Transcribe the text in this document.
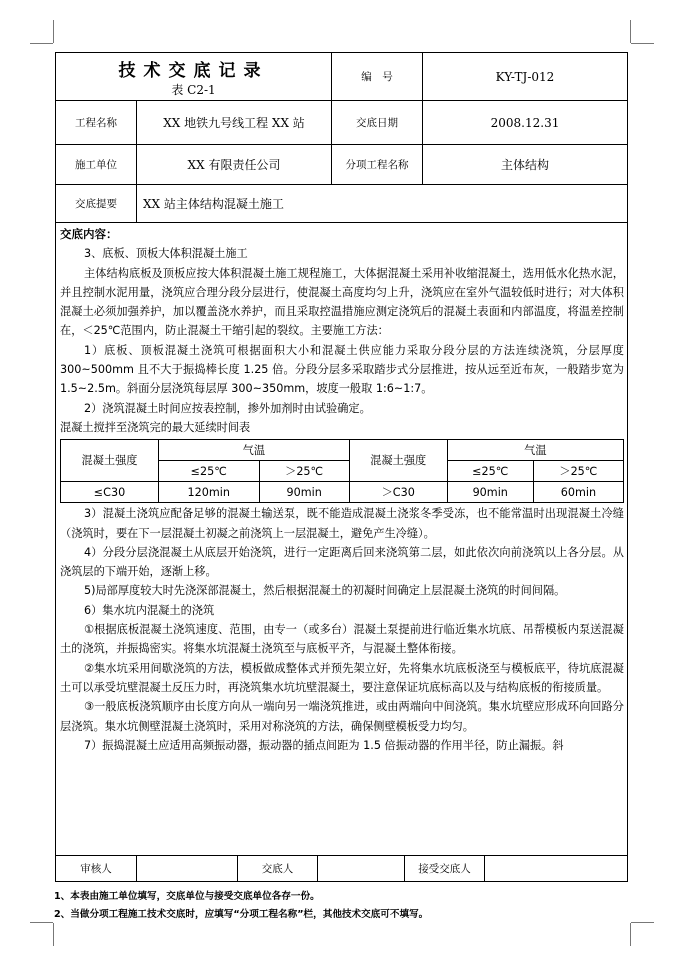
技术交底记录
表 C2-1
编　号	KY-TJ-012
工程名称	XX 地铁九号线工程 XX 站	交底日期	2008.12.31
施工单位	XX 有限责任公司	分项工程名称	主体结构
交底提要	XX 站主体结构混凝土施工

交底内容：

3、底板、顶板大体积混凝土施工

主体结构底板及顶板应按大体积混凝土施工规程施工，大体据混凝土采用补收缩混凝土，选用低水化热水泥，并且控制水泥用量，浇筑应合理分段分层进行，使混凝土高度均匀上升，浇筑应在室外气温较低时进行；对大体积混凝土必须加强养护，加以覆盖浇水养护，而且采取控温措施应测定浇筑后的混凝土表面和内部温度，将温差控制在，＜25℃范围内，防止混凝土干缩引起的裂纹。主要施工方法：

1）底板、顶板混凝土浇筑可根据面积大小和混凝土供应能力采取分段分层的方法连续浇筑，分层厚度 300~500mm 且不大于振捣棒长度 1.25 倍。分段分层多采取踏步式分层推进，按从远至近布灰，一般踏步宽为 1.5~2.5m。斜面分层浇筑每层厚 300~350mm，坡度一般取 1:6~1:7。

2）浇筑混凝土时间应按表控制，掺外加剂时由试验确定。

混凝土搅拌至浇筑完的最大延续时间表

混凝土强度	气温		混凝土强度	气温	
	≤25℃	＞25℃		≤25℃	＞25℃
≤C30	120min	90min	＞C30	90min	60min

3）混凝土浇筑应配备足够的混凝土输送泵，既不能造成混凝土浇浆冬季受冻，也不能常温时出现混凝土冷缝（浇筑时，要在下一层混凝土初凝之前浇筑上一层混凝土，避免产生冷缝）。

4）分段分层浇混凝土从底层开始浇筑，进行一定距离后回来浇筑第二层，如此依次向前浇筑以上各分层。从浇筑层的下端开始，逐渐上移。

5)局部厚度较大时先浇深部混凝土，然后根据混凝土的初凝时间确定上层混凝土浇筑的时间间隔。

6）集水坑内混凝土的浇筑

①根据底板混凝土浇筑速度、范围，由专一（或多台）混凝土泵提前进行临近集水坑底、吊帮模板内泵送混凝土的浇筑，并振捣密实。将集水坑混凝土浇筑至与底板平齐，与混凝土整体衔接。

②集水坑采用间歇浇筑的方法，模板做成整体式并预先架立好，先将集水坑底板浇至与模板底平，待坑底混凝土可以承受坑壁混凝土反压力时，再浇筑集水坑坑壁混凝土，要注意保证坑底标高以及与结构底板的衔接质量。

③一般底板浇筑顺序由长度方向从一端向另一端浇筑推进，或由两端向中间浇筑。集水坑壁应形成环向回路分层浇筑。集水坑侧壁混凝土浇筑时，采用对称浇筑的方法，确保侧壁模板受力均匀。

7）振捣混凝土应适用高频振动器，振动器的插点间距为 1.5 倍振动器的作用半径，防止漏振。斜

审核人	交底人	接受交底人
1、本表由施工单位填写，交底单位与接受交底单位各存一份。
2、当做分项工程施工技术交底时，应填写“分项工程名称”栏，其他技术交底可不填写。
